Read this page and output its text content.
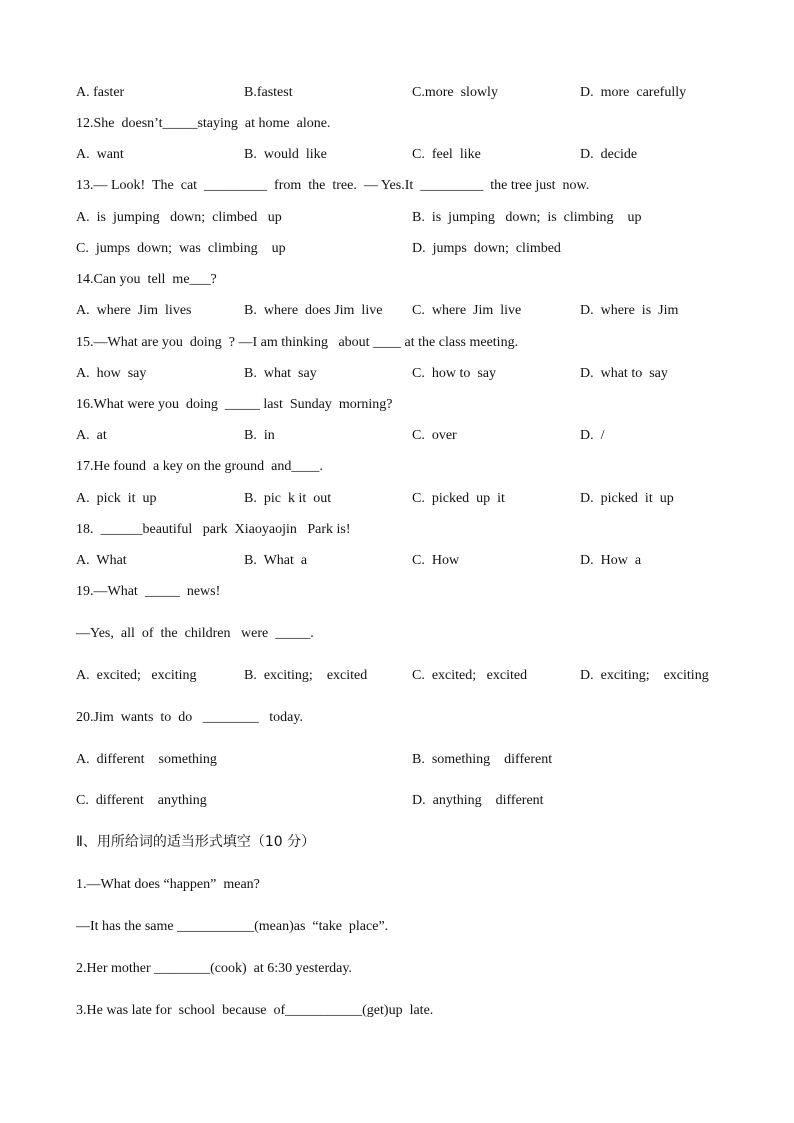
A. faster	B.fastest	C.more  slowly	D.  more  carefully
12.She  doesn’t_____staying  at home  alone.
A.  want	B.  would  like	C.  feel  like	D.  decide
13.— Look!  The  cat  _________  from  the  tree.  — Yes.It  _________  the tree just  now.
A.  is  jumping   down;  climbed   up	B.  is  jumping   down;  is  climbing    up
C.  jumps  down;  was  climbing    up	D.  jumps  down;  climbed
14.Can you  tell  me___?
A.  where  Jim  lives	B.  where  does Jim  live C.  where  Jim  live	D.  where  is  Jim
15.—What are you  doing  ? —I am thinking   about ____ at the class meeting.
A.  how  say	B.  what  say	C.  how to  say	D.  what to  say
16.What were you  doing  _____ last  Sunday  morning?
A.  at	B.  in	C.  over	D.  /
17.He found  a key on the ground  and____.
A.  pick  it  up	B.  pic  k it  out	C.  picked  up  it	D.  picked  it  up
18.  ______beautiful   park  Xiaoyaojin   Park is!
A.  What	B.  What  a	C.  How	D.  How  a
19.—What  _____  news!
—Yes,  all  of  the  children   were  _____.
A.  excited;   exciting	B.  exciting;    excited	C.  excited;   excited	D.  exciting;    exciting
20.Jim  wants  to  do   ________   today.
A.  different    something	B.  something    different
C.  different    anything	D.  anything    different
Ⅱ、用所给词的适当形式填空（10 分）
1.—What does “happen”  mean?
—It has the same ___________(mean)as  “take  place”.
2.Her mother ________(cook)  at 6:30 yesterday.
3.He was late for  school  because  of___________(get)up  late.
